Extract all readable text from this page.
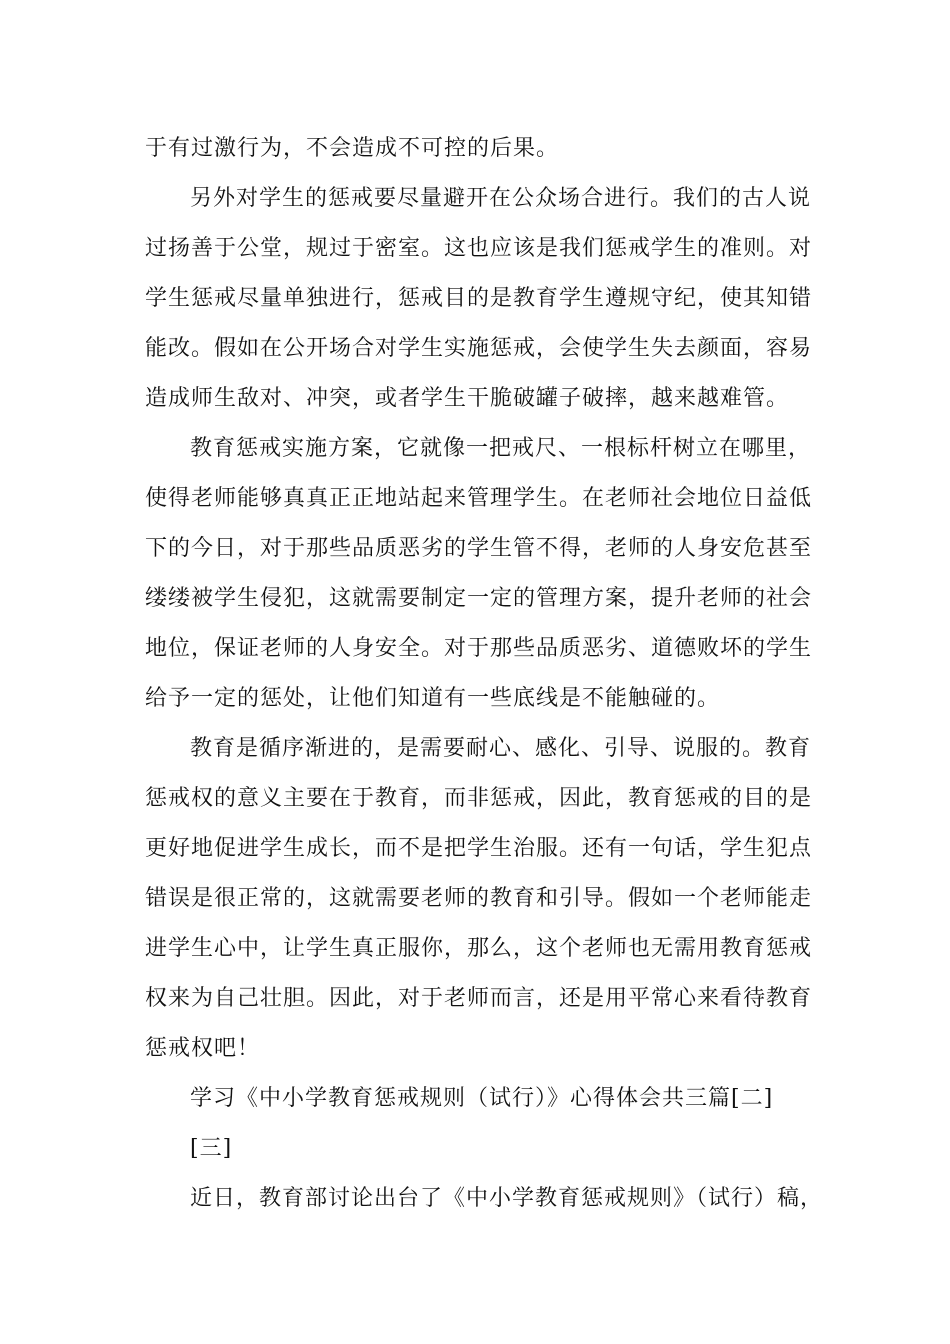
于有过激行为，不会造成不可控的后果。
另外对学生的惩戒要尽量避开在公众场合进行。我们的古人说
过扬善于公堂，规过于密室。这也应该是我们惩戒学生的准则。对
学生惩戒尽量单独进行，惩戒目的是教育学生遵规守纪，使其知错
能改。假如在公开场合对学生实施惩戒，会使学生失去颜面，容易
造成师生敌对、冲突，或者学生干脆破罐子破摔，越来越难管。
教育惩戒实施方案，它就像一把戒尺、一根标杆树立在哪里，
使得老师能够真真正正地站起来管理学生。在老师社会地位日益低
下的今日，对于那些品质恶劣的学生管不得，老师的人身安危甚至
缕缕被学生侵犯，这就需要制定一定的管理方案，提升老师的社会
地位，保证老师的人身安全。对于那些品质恶劣、道德败坏的学生
给予一定的惩处，让他们知道有一些底线是不能触碰的。
教育是循序渐进的，是需要耐心、感化、引导、说服的。教育
惩戒权的意义主要在于教育，而非惩戒，因此，教育惩戒的目的是
更好地促进学生成长，而不是把学生治服。还有一句话，学生犯点
错误是很正常的，这就需要老师的教育和引导。假如一个老师能走
进学生心中，让学生真正服你，那么，这个老师也无需用教育惩戒
权来为自己壮胆。因此，对于老师而言，还是用平常心来看待教育
惩戒权吧！
学习《中小学教育惩戒规则（试行）》心得体会共三篇[二]
[三]
近日，教育部讨论出台了《中小学教育惩戒规则》（试行）稿，
